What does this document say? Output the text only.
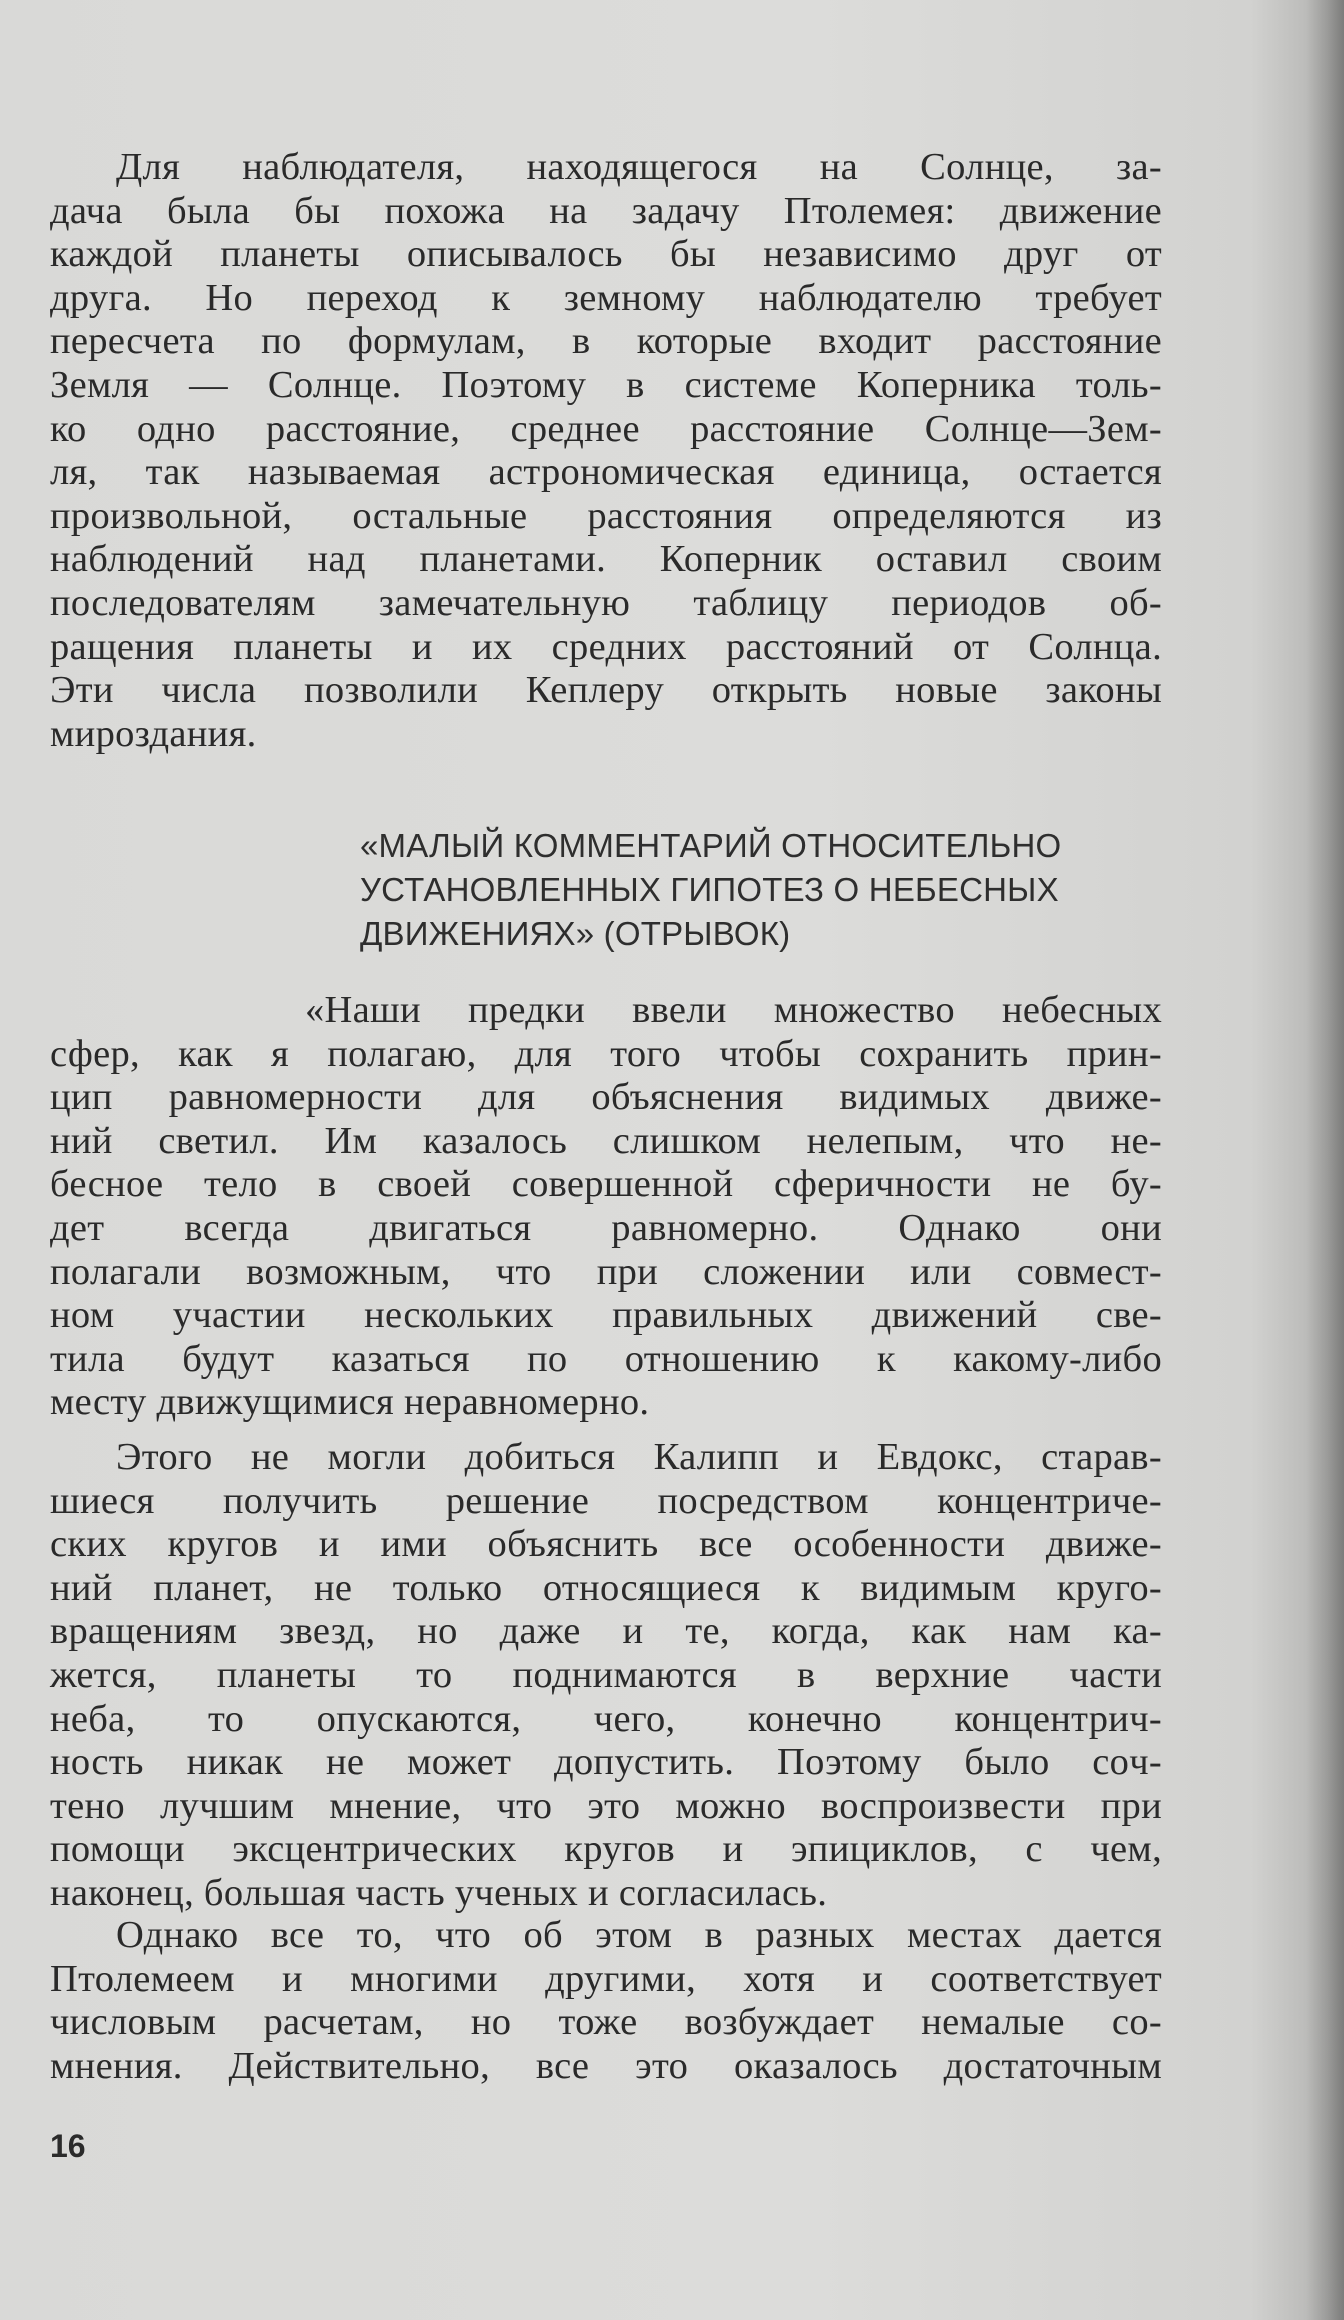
Для наблюдателя, находящегося на Солнце, за-
дача была бы похожа на задачу Птолемея: движение
каждой планеты описывалось бы независимо друг от
друга. Но переход к земному наблюдателю требует
пересчета по формулам, в которые входит расстояние
Земля — Солнце. Поэтому в системе Коперника толь-
ко одно расстояние, среднее расстояние Солнце—Зем-
ля, так называемая астрономическая единица, остается
произвольной, остальные расстояния определяются из
наблюдений над планетами. Коперник оставил своим
последователям замечательную таблицу периодов об-
ращения планеты и их средних расстояний от Солнца.
Эти числа позволили Кеплеру открыть новые законы
мироздания.

«МАЛЫЙ КОММЕНТАРИЙ ОТНОСИТЕЛЬНО
УСТАНОВЛЕННЫХ ГИПОТЕЗ О НЕБЕСНЫХ
ДВИЖЕНИЯХ» (ОТРЫВОК)

«Наши предки ввели множество небесных
сфер, как я полагаю, для того чтобы сохранить прин-
цип равномерности для объяснения видимых движе-
ний светил. Им казалось слишком нелепым, что не-
бесное тело в своей совершенной сферичности не бу-
дет всегда двигаться равномерно. Однако они
полагали возможным, что при сложении или совмест-
ном участии нескольких правильных движений све-
тила будут казаться по отношению к какому-либо
месту движущимися неравномерно.

Этого не могли добиться Калипп и Евдокс, старав-
шиеся получить решение посредством концентриче-
ских кругов и ими объяснить все особенности движе-
ний планет, не только относящиеся к видимым круго-
вращениям звезд, но даже и те, когда, как нам ка-
жется, планеты то поднимаются в верхние части
неба, то опускаются, чего, конечно концентрич-
ность никак не может допустить. Поэтому было сoч-
тено лучшим мнение, что это можно воспроизвести при
помощи эксцентрических кругов и эпициклов, с чем,
наконец, большая часть ученых и согласилась.

Однако все то, что об этом в разных местах дается
Птолемеем и многими другими, хотя и соответствует
числовым расчетам, но тоже возбуждает немалые со-
мнения. Действительно, все это оказалось достаточным

16
